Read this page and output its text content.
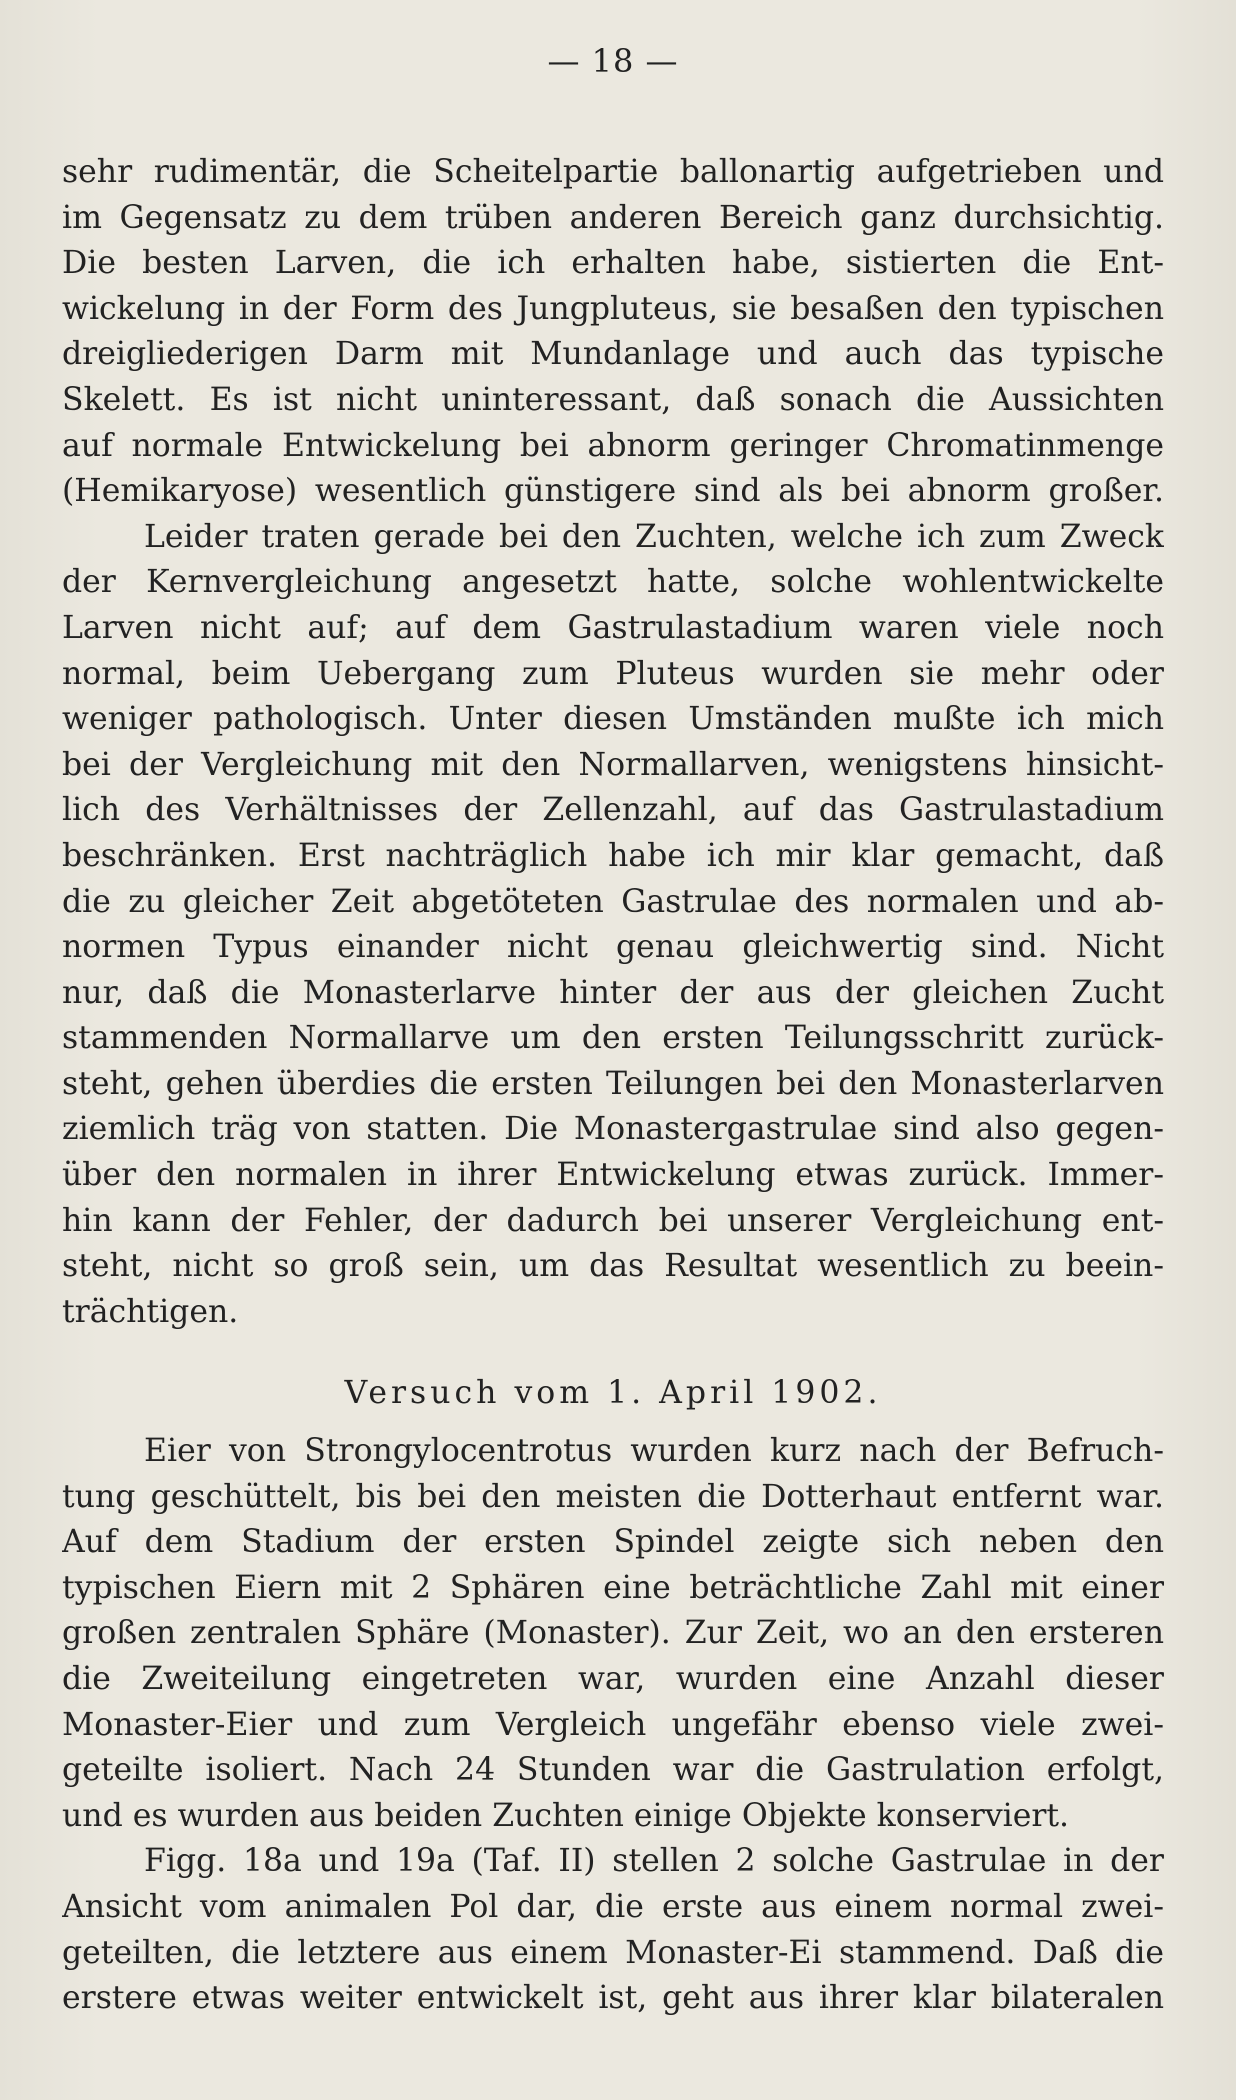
— 18 —
sehr rudimentär, die Scheitelpartie ballonartig aufgetrieben und
im Gegensatz zu dem trüben anderen Bereich ganz durchsichtig.
Die besten Larven, die ich erhalten habe, sistierten die Ent-
wickelung in der Form des Jungpluteus, sie besaßen den typischen
dreigliederigen Darm mit Mundanlage und auch das typische
Skelett. Es ist nicht uninteressant, daß sonach die Aussichten
auf normale Entwickelung bei abnorm geringer Chromatinmenge
(Hemikaryose) wesentlich günstigere sind als bei abnorm großer.
Leider traten gerade bei den Zuchten, welche ich zum Zweck
der Kernvergleichung angesetzt hatte, solche wohlentwickelte
Larven nicht auf; auf dem Gastrulastadium waren viele noch
normal, beim Uebergang zum Pluteus wurden sie mehr oder
weniger pathologisch. Unter diesen Umständen mußte ich mich
bei der Vergleichung mit den Normallarven, wenigstens hinsicht-
lich des Verhältnisses der Zellenzahl, auf das Gastrulastadium
beschränken. Erst nachträglich habe ich mir klar gemacht, daß
die zu gleicher Zeit abgetöteten Gastrulae des normalen und ab-
normen Typus einander nicht genau gleichwertig sind. Nicht
nur, daß die Monasterlarve hinter der aus der gleichen Zucht
stammenden Normallarve um den ersten Teilungsschritt zurück-
steht, gehen überdies die ersten Teilungen bei den Monasterlarven
ziemlich träg von statten. Die Monastergastrulae sind also gegen-
über den normalen in ihrer Entwickelung etwas zurück. Immer-
hin kann der Fehler, der dadurch bei unserer Vergleichung ent-
steht, nicht so groß sein, um das Resultat wesentlich zu beein-
trächtigen.
Versuch vom 1. April 1902.
Eier von Strongylocentrotus wurden kurz nach der Befruch-
tung geschüttelt, bis bei den meisten die Dotterhaut entfernt war.
Auf dem Stadium der ersten Spindel zeigte sich neben den
typischen Eiern mit 2 Sphären eine beträchtliche Zahl mit einer
großen zentralen Sphäre (Monaster). Zur Zeit, wo an den ersteren
die Zweiteilung eingetreten war, wurden eine Anzahl dieser
Monaster-Eier und zum Vergleich ungefähr ebenso viele zwei-
geteilte isoliert. Nach 24 Stunden war die Gastrulation erfolgt,
und es wurden aus beiden Zuchten einige Objekte konserviert.
Figg. 18a und 19a (Taf. II) stellen 2 solche Gastrulae in der
Ansicht vom animalen Pol dar, die erste aus einem normal zwei-
geteilten, die letztere aus einem Monaster-Ei stammend. Daß die
erstere etwas weiter entwickelt ist, geht aus ihrer klar bilateralen
